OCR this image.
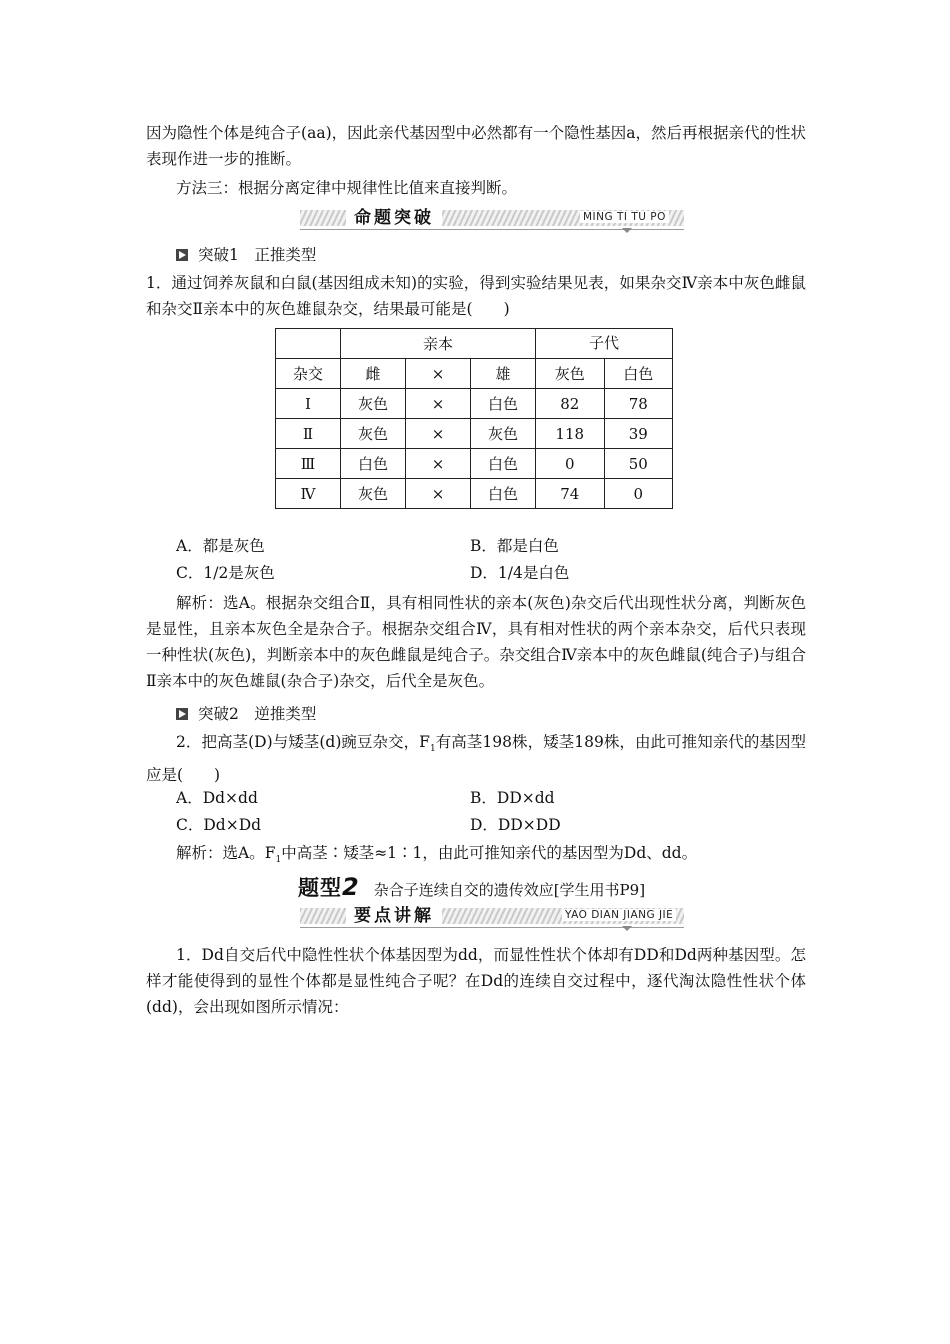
因为隐性个体是纯合子(aa)，因此亲代基因型中必然都有一个隐性基因a，然后再根据亲代的性状表现作进一步的推断。
方法三：根据分离定律中规律性比值来直接判断。
命题突破	MING TI TU PO
突破1　正推类型
1．通过饲养灰鼠和白鼠(基因组成未知)的实验，得到实验结果见表，如果杂交Ⅳ亲本中灰色雌鼠和杂交Ⅱ亲本中的灰色雄鼠杂交，结果最可能是(　　)
	亲本			子代	
杂交	雌	×	雄	灰色	白色
Ⅰ	灰色	×	白色	82	78
Ⅱ	灰色	×	灰色	118	39
Ⅲ	白色	×	白色	0	50
Ⅳ	灰色	×	白色	74	0
A．都是灰色	B．都是白色
C．1/2是灰色	D．1/4是白色
解析：选A。根据杂交组合Ⅱ，具有相同性状的亲本(灰色)杂交后代出现性状分离，判断灰色是显性，且亲本灰色全是杂合子。根据杂交组合Ⅳ，具有相对性状的两个亲本杂交，后代只表现一种性状(灰色)，判断亲本中的灰色雌鼠是纯合子。杂交组合Ⅳ亲本中的灰色雌鼠(纯合子)与组合Ⅱ亲本中的灰色雄鼠(杂合子)杂交，后代全是灰色。
突破2　逆推类型
2．把高茎(D)与矮茎(d)豌豆杂交，$F_1$有高茎198株，矮茎189株，由此可推知亲代的基因型应是(　　)
A．Dd×dd	B．DD×dd
C．Dd×Dd	D．DD×DD
解析：选A。$F_1$中高茎∶矮茎≈1∶1，由此可推知亲代的基因型为Dd、dd。
题型2 杂合子连续自交的遗传效应[学生用书P9]
要点讲解	YAO DIAN JIANG JIE
1．Dd自交后代中隐性性状个体基因型为dd，而显性性状个体却有DD和Dd两种基因型。怎样才能使得到的显性个体都是显性纯合子呢？在Dd的连续自交过程中，逐代淘汰隐性性状个体(dd)，会出现如图所示情况：
